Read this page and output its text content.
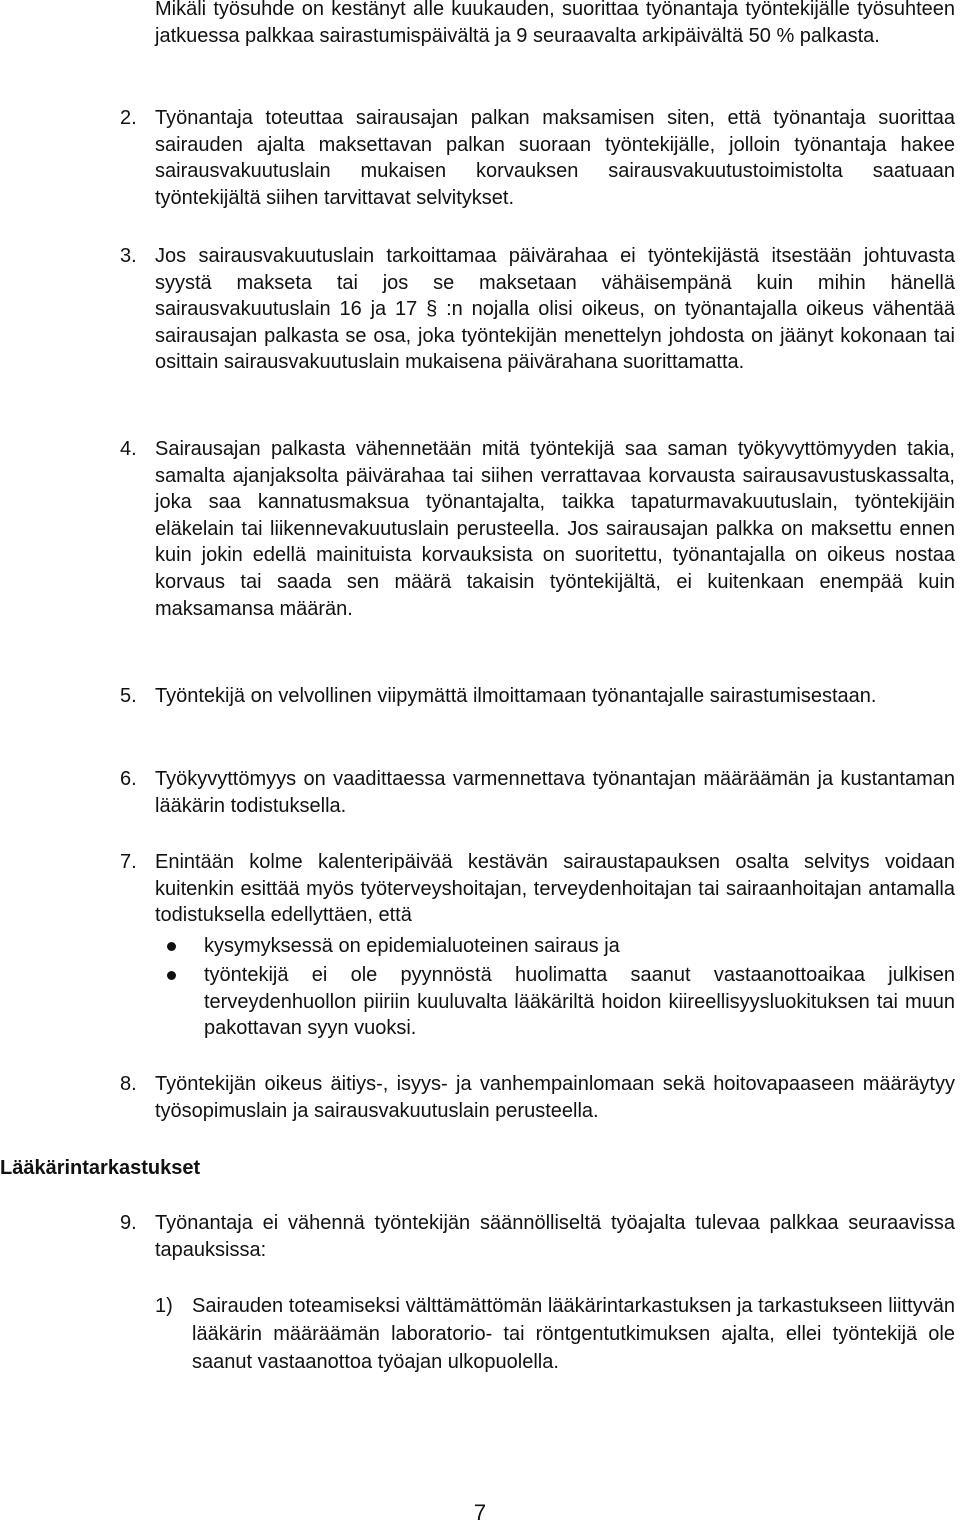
Mikäli työsuhde on kestänyt alle kuukauden, suorittaa työnantaja työntekijälle työsuhteen jatkuessa palkkaa sairastumispäivältä ja 9 seuraavalta arkipäivältä 50 % palkasta.

2. Työnantaja toteuttaa sairausajan palkan maksamisen siten, että työnantaja suorittaa sairauden ajalta maksettavan palkan suoraan työntekijälle, jolloin työnantaja hakee sairausvakuutuslain mukaisen korvauksen sairausvakuutustoimistolta saatuaan työntekijältä siihen tarvittavat selvitykset.

3. Jos sairausvakuutuslain tarkoittamaa päivärahaa ei työntekijästä itsestään johtuvasta syystä makseta tai jos se maksetaan vähäisempänä kuin mihin hänellä sairausvakuutuslain 16 ja 17 § :n nojalla olisi oikeus, on työnantajalla oikeus vähentää sairausajan palkasta se osa, joka työntekijän menettelyn johdosta on jäänyt kokonaan tai osittain sairausvakuutuslain mukaisena päivärahana suorittamatta.

4. Sairausajan palkasta vähennetään mitä työntekijä saa saman työkyvyttömyyden takia, samalta ajanjaksolta päivärahaa tai siihen verrattavaa korvausta sairausavustuskassalta, joka saa kannatusmaksua työnantajalta, taikka tapaturmavakuutuslain, työntekijäin eläkelain tai liikennevakuutuslain perusteella. Jos sairausajan palkka on maksettu ennen kuin jokin edellä mainituista korvauksista on suoritettu, työnantajalla on oikeus nostaa korvaus tai saada sen määrä takaisin työntekijältä, ei kuitenkaan enempää kuin maksamansa määrän.

5. Työntekijä on velvollinen viipymättä ilmoittamaan työnantajalle sairastumisestaan.

6. Työkyvyttömyys on vaadittaessa varmennettava työnantajan määräämän ja kustantaman lääkärin todistuksella.

7. Enintään kolme kalenteripäivää kestävän sairaustapauksen osalta selvitys voidaan kuitenkin esittää myös työterveyshoitajan, terveydenhoitajan tai sairaanhoitajan antamalla todistuksella edellyttäen, että

kysymyksessä on epidemialuoteinen sairaus ja

työntekijä ei ole pyynnöstä huolimatta saanut vastaanottoaikaa julkisen terveydenhuollon piiriin kuuluvalta lääkäriltä hoidon kiireellisyysluokituksen tai muun pakottavan syyn vuoksi.

8. Työntekijän oikeus äitiys-, isyys- ja vanhempainlomaan sekä hoitovapaaseen määräytyy työsopimuslain ja sairausvakuutuslain perusteella.

Lääkärintarkastukset
9. Työnantaja ei vähennä työntekijän säännölliseltä työajalta tulevaa palkkaa seuraavissa tapauksissa:

1) Sairauden toteamiseksi välttämättömän lääkärintarkastuksen ja tarkastukseen liittyvän lääkärin määräämän laboratorio- tai röntgentutkimuksen ajalta, ellei työntekijä ole saanut vastaanottoa työajan ulkopuolella.

7
